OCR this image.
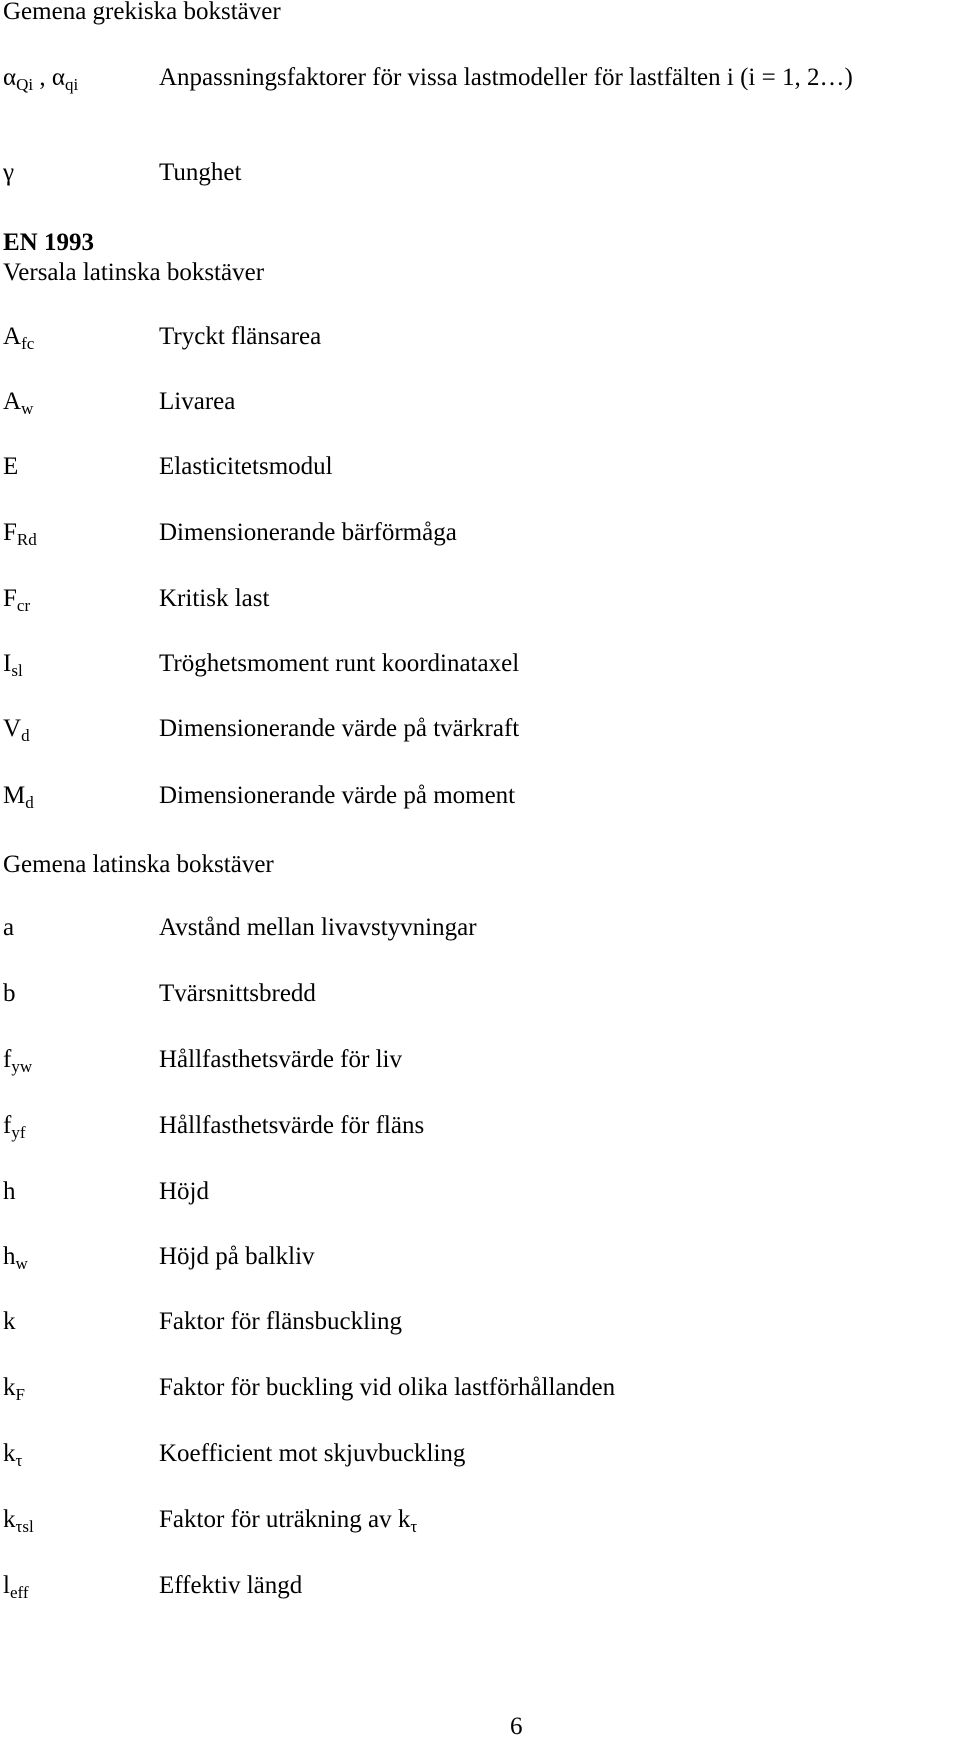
Gemena grekiska bokstäver
EN 1993
Versala latinska bokstäver
Gemena latinska bokstäver
$\alpha_{Qi}$ , $\alpha_{qi}$	Anpassningsfaktorer för vissa lastmodeller för lastfälten i (i = 1, 2…)
γ	Tunghet
$A_{fc}$	Tryckt flänsarea
$A_w$	Livarea
E	Elasticitetsmodul
$F_{Rd}$	Dimensionerande bärförmåga
$F_{cr}$	Kritisk last
$I_{sl}$	Tröghetsmoment runt koordinataxel
$V_d$	Dimensionerande värde på tvärkraft
$M_d$	Dimensionerande värde på moment
a	Avstånd mellan livavstyvningar
b	Tvärsnittsbredd
$f_{yw}$	Hållfasthetsvärde för liv
$f_{yf}$	Hållfasthetsvärde för fläns
h	Höjd
$h_w$	Höjd på balkliv
k	Faktor för flänsbuckling
$k_F$	Faktor för buckling vid olika lastförhållanden
$k_\tau$	Koefficient mot skjuvbuckling
$k_{\tau sl}$	Faktor för uträkning av $k_\tau$
$l_{eff}$	Effektiv längd
6
